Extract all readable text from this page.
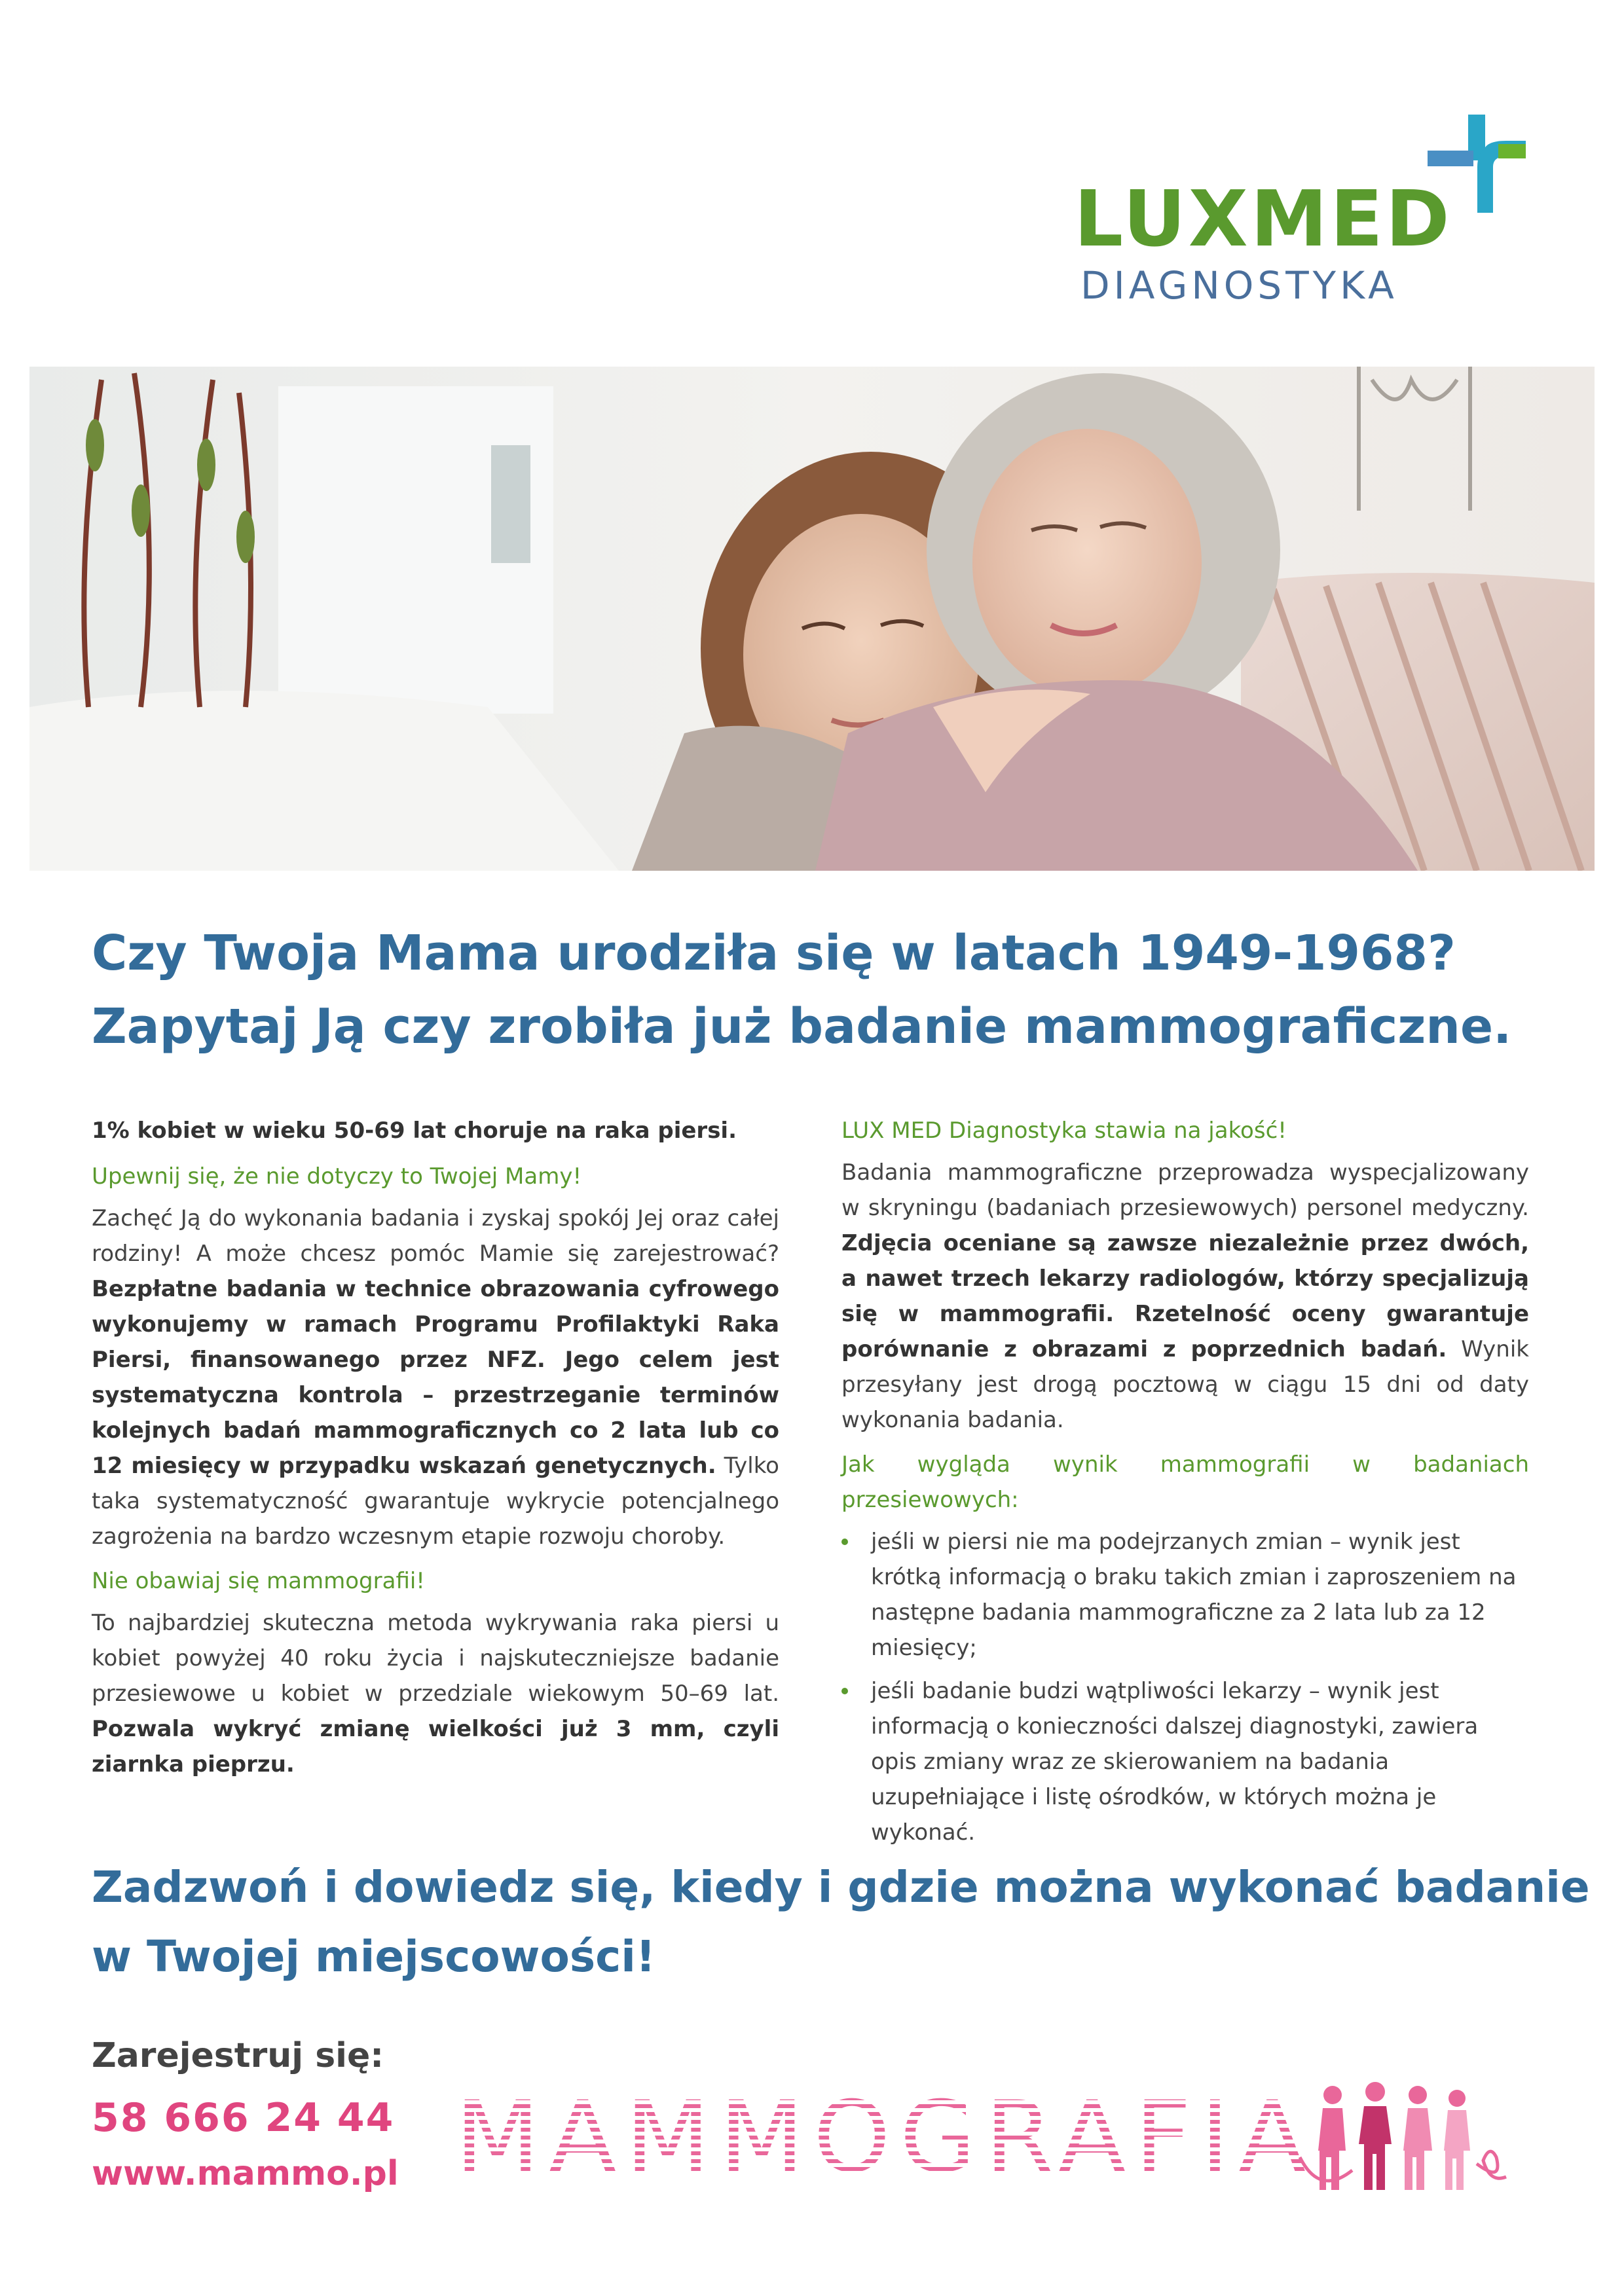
LUXMED
DIAGNOSTYKA
Czy Twoja Mama urodziła się w latach 1949-1968?
Zapytaj Ją czy zrobiła już badanie mammograficzne.

1% kobiet w wieku 50-69 lat choruje na raka piersi.

Upewnij się, że nie dotyczy to Twojej Mamy!

Zachęć Ją do wykonania badania i zyskaj spokój Jej oraz całej rodziny! A może chcesz pomóc Mamie się zarejestrować? Bezpłatne badania w technice obrazowania cyfrowego wykonujemy w ramach Programu Profilaktyki Raka Piersi, finansowanego przez NFZ. Jego celem jest systematyczna kontrola – przestrzeganie terminów kolejnych badań mammograficznych co 2 lata lub co 12 miesięcy w przypadku wskazań genetycznych. Tylko taka systematyczność gwarantuje wykrycie potencjalnego zagrożenia na bardzo wczesnym etapie rozwoju choroby.

Nie obawiaj się mammografii!

To najbardziej skuteczna metoda wykrywania raka piersi u kobiet powyżej 40 roku życia i najskuteczniejsze badanie przesiewowe u kobiet w przedziale wiekowym 50–69 lat. Pozwala wykryć zmianę wielkości już 3 mm, czyli ziarnka pieprzu.

LUX MED Diagnostyka stawia na jakość!

Badania mammograficzne przeprowadza wyspecjalizowany w skryningu (badaniach przesiewowych) personel medyczny. Zdjęcia oceniane są zawsze niezależnie przez dwóch, a nawet trzech lekarzy radiologów, którzy specjalizują się w mammografii. Rzetelność oceny gwarantuje porównanie z obrazami z poprzednich badań. Wynik przesyłany jest drogą pocztową w ciągu 15 dni od daty wykonania badania.

Jak wygląda wynik mammografii w badaniach przesiewowych:

jeśli w piersi nie ma podejrzanych zmian – wynik jest krótką informacją o braku takich zmian i zaproszeniem na następne badania mammograficzne za 2 lata lub za 12 miesięcy;
jeśli badanie budzi wątpliwości lekarzy – wynik jest informacją o konieczności dalszej diagnostyki, zawiera opis zmiany wraz ze skierowaniem na badania uzupełniające i listę ośrodków, w których można je wykonać.
Zadzwoń i dowiedz się, kiedy i gdzie można wykonać badanie
w Twojej miejscowości!
Zarejestruj się:
58 666 24 44
www.mammo.pl MAMMOGRAFIA
